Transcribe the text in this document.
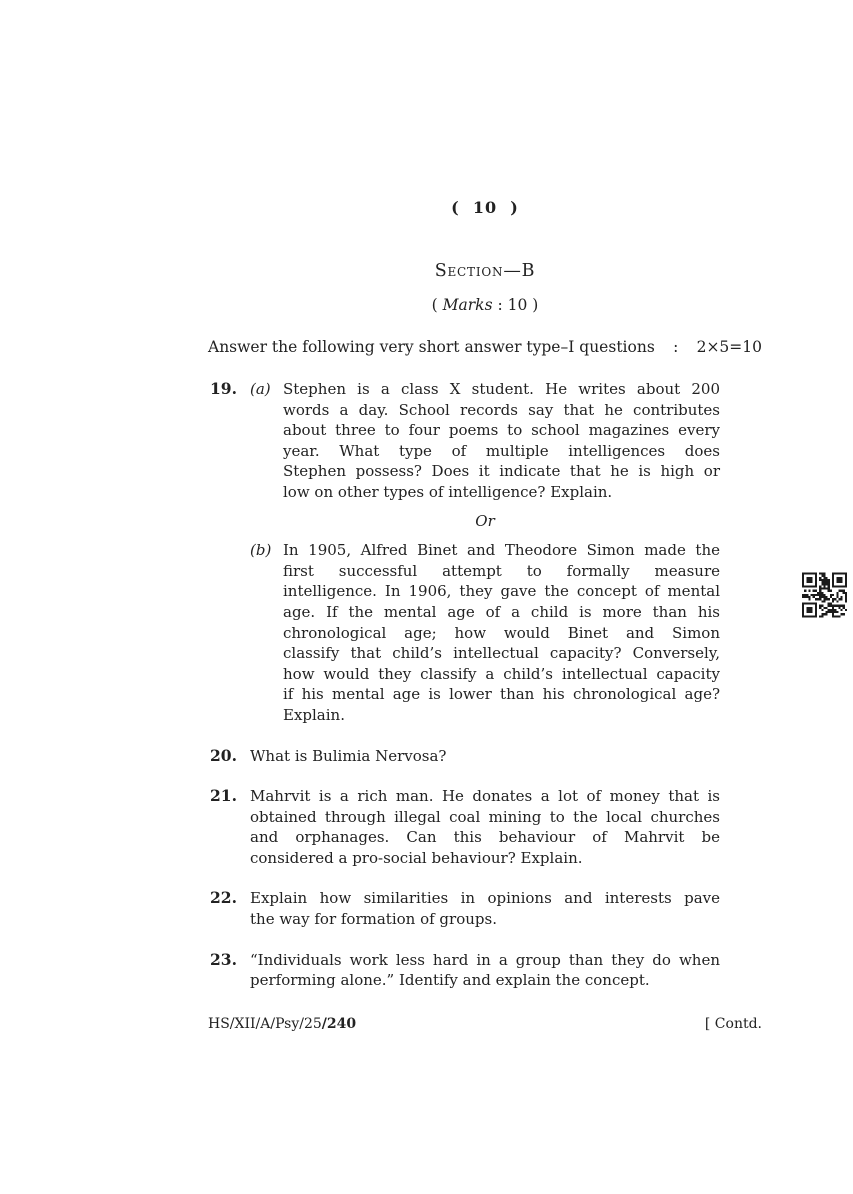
(  10  )
Section—B
( Marks : 10 )
Answer the following very short answer type–I questions : 2×5=10
19. (a) Stephen is a class X student. He writes about 200
words a day. School records say that he contributes
about three to four poems to school magazines every
year. What type of multiple intelligences does
Stephen possess? Does it indicate that he is high or
low on other types of intelligence? Explain.
Or
(b) In 1905, Alfred Binet and Theodore Simon made the
first successful attempt to formally measure
intelligence. In 1906, they gave the concept of mental
age. If the mental age of a child is more than his
chronological age; how would Binet and Simon
classify that child’s intellectual capacity? Conversely,
how would they classify a child’s intellectual capacity
if his mental age is lower than his chronological age?
Explain.
20. What is Bulimia Nervosa?
21. Mahrvit is a rich man. He donates a lot of money that is
obtained through illegal coal mining to the local churches
and orphanages. Can this behaviour of Mahrvit be
considered a pro-social behaviour? Explain.
22. Explain how similarities in opinions and interests pave
the way for formation of groups.
23. “Individuals work less hard in a group than they do when
performing alone.” Identify and explain the concept.
HS/XII/A/Psy/25/240	[ Contd.
